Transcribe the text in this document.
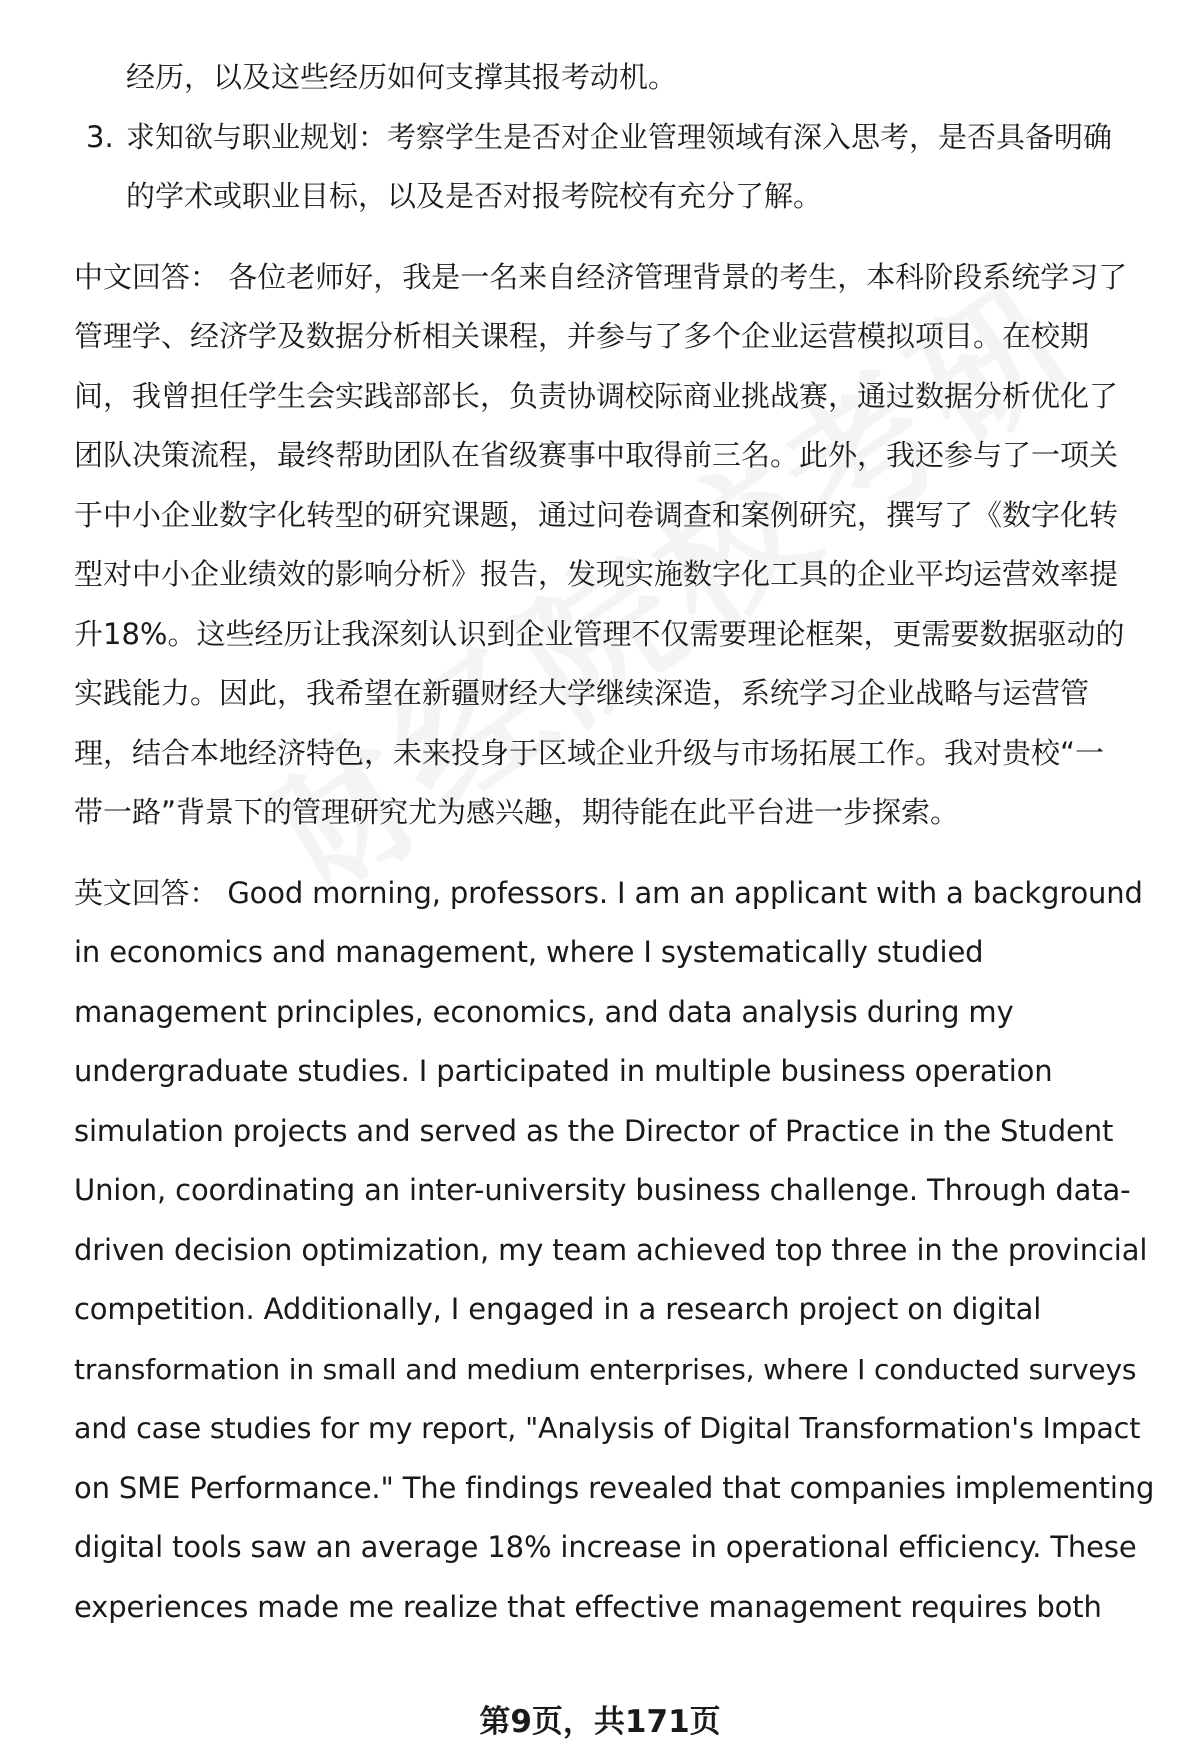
经历，以及这些经历如何支撑其报考动机。
3. 求知欲与职业规划：考察学生是否对企业管理领域有深入思考，是否具备明确
的学术或职业目标，以及是否对报考院校有充分了解。
中文回答： 各位老师好，我是一名来自经济管理背景的考生，本科阶段系统学习了
管理学、经济学及数据分析相关课程，并参与了多个企业运营模拟项目。在校期
间，我曾担任学生会实践部部长，负责协调校际商业挑战赛，通过数据分析优化了
团队决策流程，最终帮助团队在省级赛事中取得前三名。此外，我还参与了一项关
于中小企业数字化转型的研究课题，通过问卷调查和案例研究，撰写了《数字化转
型对中小企业绩效的影响分析》报告，发现实施数字化工具的企业平均运营效率提
升18%。这些经历让我深刻认识到企业管理不仅需要理论框架，更需要数据驱动的
实践能力。因此，我希望在新疆财经大学继续深造，系统学习企业战略与运营管
理，结合本地经济特色，未来投身于区域企业升级与市场拓展工作。我对贵校“一
带一路”背景下的管理研究尤为感兴趣，期待能在此平台进一步探索。
英文回答： Good morning, professors. I am an applicant with a background
in economics and management, where I systematically studied
management principles, economics, and data analysis during my
undergraduate studies. I participated in multiple business operation
simulation projects and served as the Director of Practice in the Student
Union, coordinating an inter-university business challenge. Through data-
driven decision optimization, my team achieved top three in the provincial
competition. Additionally, I engaged in a research project on digital
transformation in small and medium enterprises, where I conducted surveys
and case studies for my report, "Analysis of Digital Transformation's Impact
on SME Performance." The findings revealed that companies implementing
digital tools saw an average 18% increase in operational efficiency. These
experiences made me realize that effective management requires both
第9页，共171页
